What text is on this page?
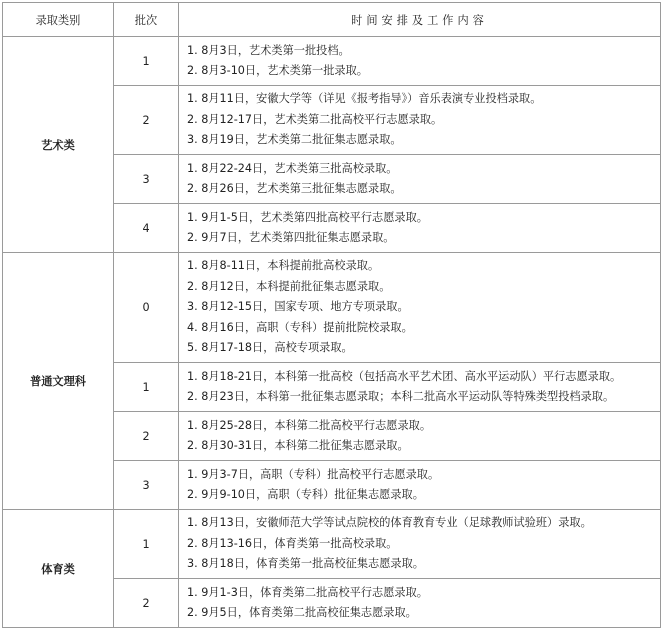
录取类别	批次	时间安排及工作内容
艺术类	1	1. 8月3日，艺术类第一批投档。
2. 8月3-10日，艺术类第一批录取。

	2	1. 8月11日，安徽大学等（详见《报考指导》）音乐表演专业投档录取。
2. 8月12-17日，艺术类第二批高校平行志愿录取。
3. 8月19日，艺术类第二批征集志愿录取。

	3	1. 8月22-24日，艺术类第三批高校录取。
2. 8月26日，艺术类第三批征集志愿录取。

	4	1. 9月1-5日，艺术类第四批高校平行志愿录取。
2. 9月7日，艺术类第四批征集志愿录取。

普通文理科	0	1. 8月8-11日，本科提前批高校录取。
2. 8月12日，本科提前批征集志愿录取。
3. 8月12-15日，国家专项、地方专项录取。
4. 8月16日，高职（专科）提前批院校录取。
5. 8月17-18日，高校专项录取。

	1	1. 8月18-21日，本科第一批高校（包括高水平艺术团、高水平运动队）平行志愿录取。
2. 8月23日，本科第一批征集志愿录取；本科二批高水平运动队等特殊类型投档录取。

	2	1. 8月25-28日，本科第二批高校平行志愿录取。
2. 8月30-31日，本科第二批征集志愿录取。

	3	1. 9月3-7日，高职（专科）批高校平行志愿录取。
2. 9月9-10日，高职（专科）批征集志愿录取。

体育类	1	1. 8月13日，安徽师范大学等试点院校的体育教育专业（足球教师试验班）录取。
2. 8月13-16日，体育类第一批高校录取。
3. 8月18日，体育类第一批高校征集志愿录取。

	2	1. 9月1-3日，体育类第二批高校平行志愿录取。
2. 9月5日，体育类第二批高校征集志愿录取。
